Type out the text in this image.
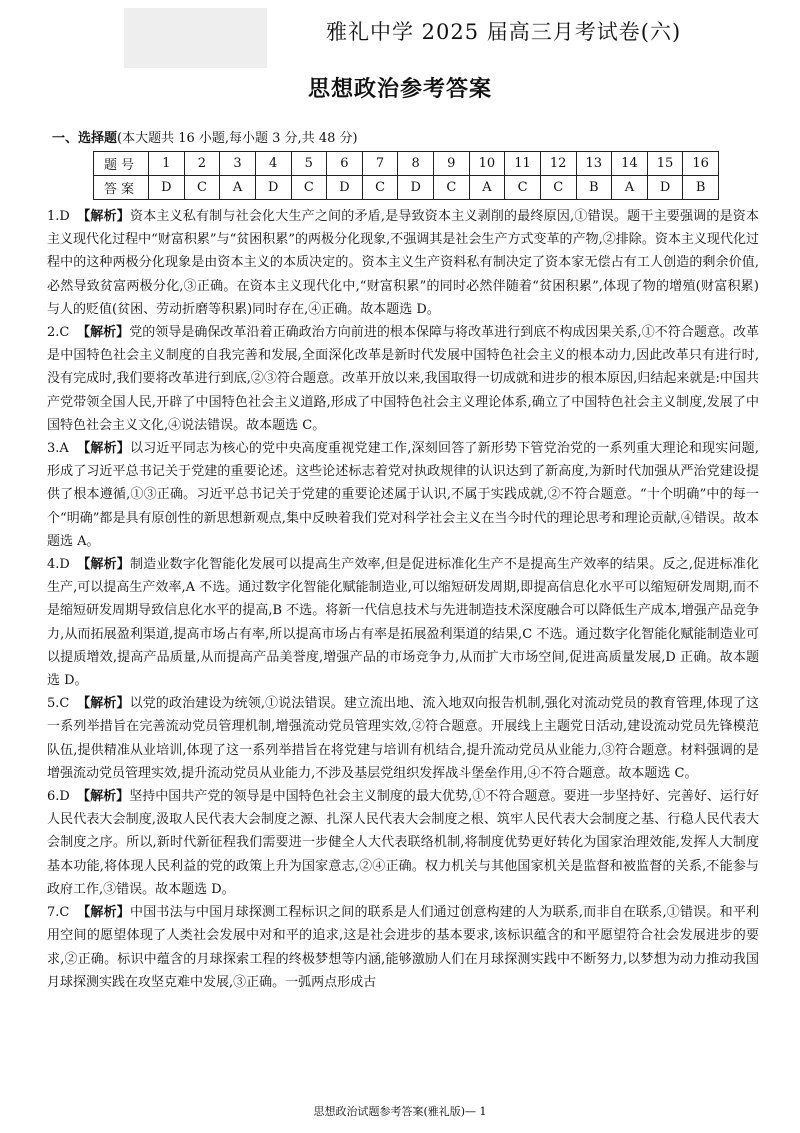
雅礼中学 2025 届高三月考试卷(六)
思想政治参考答案
一、选择题(本大题共 16 小题,每小题 3 分,共 48 分)
题号	1	2	3	4	5	6	7	8	9	10	11	12	13	14	15	16
答案	D	C	A	D	C	D	C	D	C	A	C	C	B	A	D	B

1.D 【解析】资本主义私有制与社会化大生产之间的矛盾,是导致资本主义剥削的最终原因,①错误。题干主要强调的是资本主义现代化过程中“财富积累”与“贫困积累”的两极分化现象,不强调其是社会生产方式变革的产物,②排除。资本主义现代化过程中的这种两极分化现象是由资本主义的本质决定的。资本主义生产资料私有制决定了资本家无偿占有工人创造的剩余价值,必然导致贫富两极分化,③正确。在资本主义现代化中,“财富积累”的同时必然伴随着“贫困积累”,体现了物的增殖(财富积累)与人的贬值(贫困、劳动折磨等积累)同时存在,④正确。故本题选 D。

2.C 【解析】党的领导是确保改革沿着正确政治方向前进的根本保障与将改革进行到底不构成因果关系,①不符合题意。改革是中国特色社会主义制度的自我完善和发展,全面深化改革是新时代发展中国特色社会主义的根本动力,因此改革只有进行时,没有完成时,我们要将改革进行到底,②③符合题意。改革开放以来,我国取得一切成就和进步的根本原因,归结起来就是:中国共产党带领全国人民,开辟了中国特色社会主义道路,形成了中国特色社会主义理论体系,确立了中国特色社会主义制度,发展了中国特色社会主义文化,④说法错误。故本题选 C。

3.A 【解析】以习近平同志为核心的党中央高度重视党建工作,深刻回答了新形势下管党治党的一系列重大理论和现实问题,形成了习近平总书记关于党建的重要论述。这些论述标志着党对执政规律的认识达到了新高度,为新时代加强从严治党建设提供了根本遵循,①③正确。习近平总书记关于党建的重要论述属于认识,不属于实践成就,②不符合题意。“十个明确”中的每一个“明确”都是具有原创性的新思想新观点,集中反映着我们党对科学社会主义在当今时代的理论思考和理论贡献,④错误。故本题选 A。

4.D 【解析】制造业数字化智能化发展可以提高生产效率,但是促进标准化生产不是提高生产效率的结果。反之,促进标准化生产,可以提高生产效率,A 不选。通过数字化智能化赋能制造业,可以缩短研发周期,即提高信息化水平可以缩短研发周期,而不是缩短研发周期导致信息化水平的提高,B 不选。将新一代信息技术与先进制造技术深度融合可以降低生产成本,增强产品竞争力,从而拓展盈利渠道,提高市场占有率,所以提高市场占有率是拓展盈利渠道的结果,C 不选。通过数字化智能化赋能制造业可以提质增效,提高产品质量,从而提高产品美誉度,增强产品的市场竞争力,从而扩大市场空间,促进高质量发展,D 正确。故本题选 D。

5.C 【解析】以党的政治建设为统领,①说法错误。建立流出地、流入地双向报告机制,强化对流动党员的教育管理,体现了这一系列举措旨在完善流动党员管理机制,增强流动党员管理实效,②符合题意。开展线上主题党日活动,建设流动党员先锋模范队伍,提供精准从业培训,体现了这一系列举措旨在将党建与培训有机结合,提升流动党员从业能力,③符合题意。材料强调的是增强流动党员管理实效,提升流动党员从业能力,不涉及基层党组织发挥战斗堡垒作用,④不符合题意。故本题选 C。

6.D 【解析】坚持中国共产党的领导是中国特色社会主义制度的最大优势,①不符合题意。要进一步坚持好、完善好、运行好人民代表大会制度,汲取人民代表大会制度之源、扎深人民代表大会制度之根、筑牢人民代表大会制度之基、行稳人民代表大会制度之序。所以,新时代新征程我们需要进一步健全人大代表联络机制,将制度优势更好转化为国家治理效能,发挥人大制度基本功能,将体现人民利益的党的政策上升为国家意志,②④正确。权力机关与其他国家机关是监督和被监督的关系,不能参与政府工作,③错误。故本题选 D。

7.C 【解析】中国书法与中国月球探测工程标识之间的联系是人们通过创意构建的人为联系,而非自在联系,①错误。和平利用空间的愿望体现了人类社会发展中对和平的追求,这是社会进步的基本要求,该标识蕴含的和平愿望符合社会发展进步的要求,②正确。标识中蕴含的月球探索工程的终极梦想等内涵,能够激励人们在月球探测实践中不断努力,以梦想为动力推动我国月球探测实践在攻坚克难中发展,③正确。一弧两点形成古

思想政治试题参考答案(雅礼版)— 1
